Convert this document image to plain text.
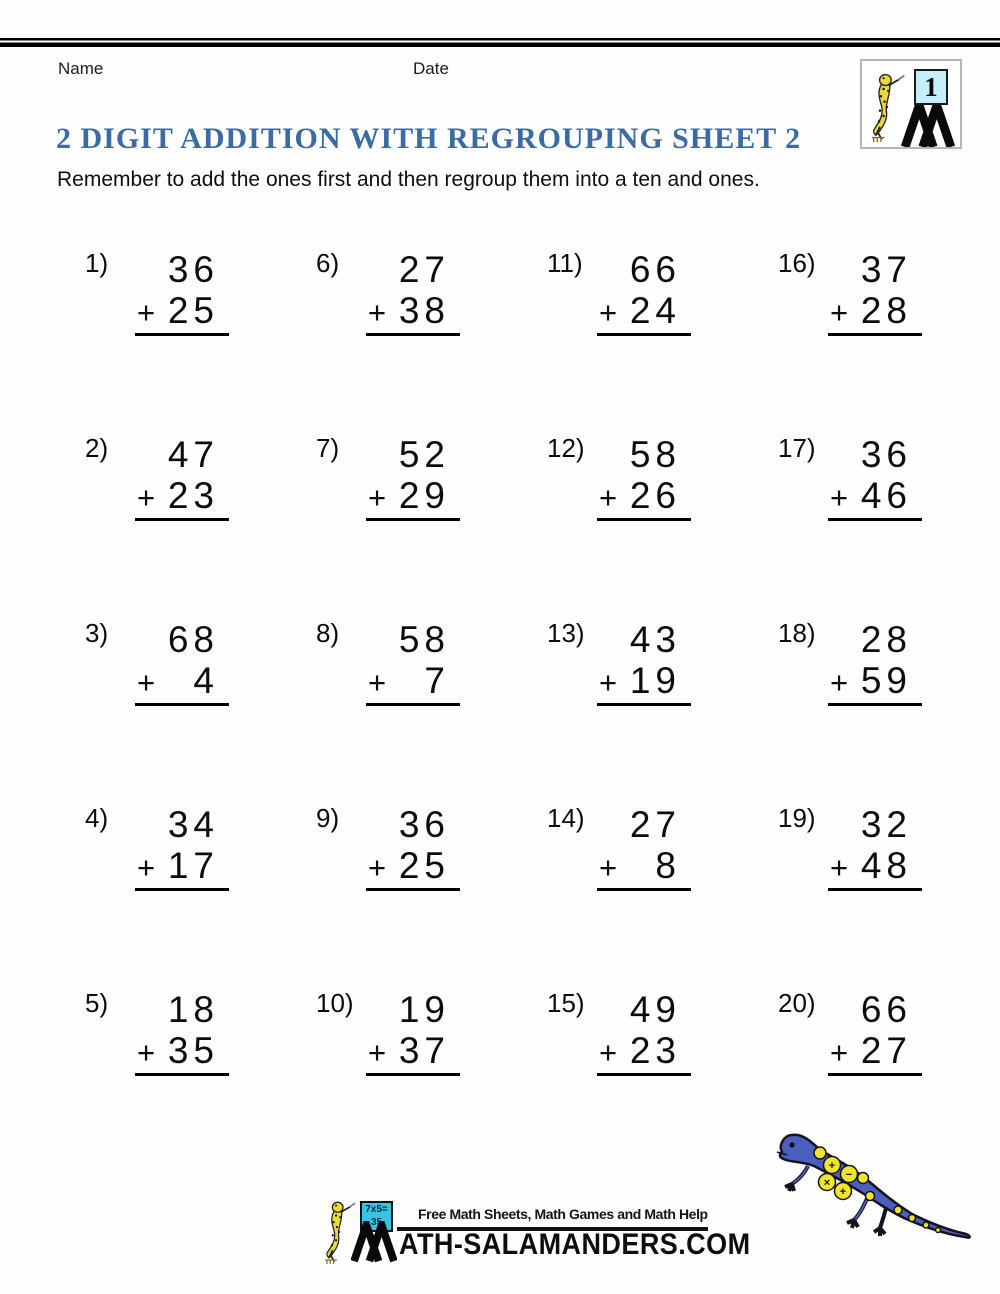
Name	Date
1
2 DIGIT ADDITION WITH REGROUPING SHEET 2
Remember to add the ones first and then regroup them into a ten and ones.
1)	36
+ 25
6)	27
+ 38
11)	66
+ 24
16)	37
+ 28
2)	47
+ 23
7)	52
+ 29
12)	58
+ 26
17)	36
+ 46
3)	68
+ 4
8)	58
+ 7
13)	43
+ 19
18)	28
+ 59
4)	34
+ 17
9)	36
+ 25
14)	27
+ 8
19)	32
+ 48
5)	18
+ 35
10)	19
+ 37
15)	49
+ 23
20)	66
+ 27
+
×
−
+
7x5=
35
Free Math Sheets, Math Games and Math Help
ATH-SALAMANDERS.COM
